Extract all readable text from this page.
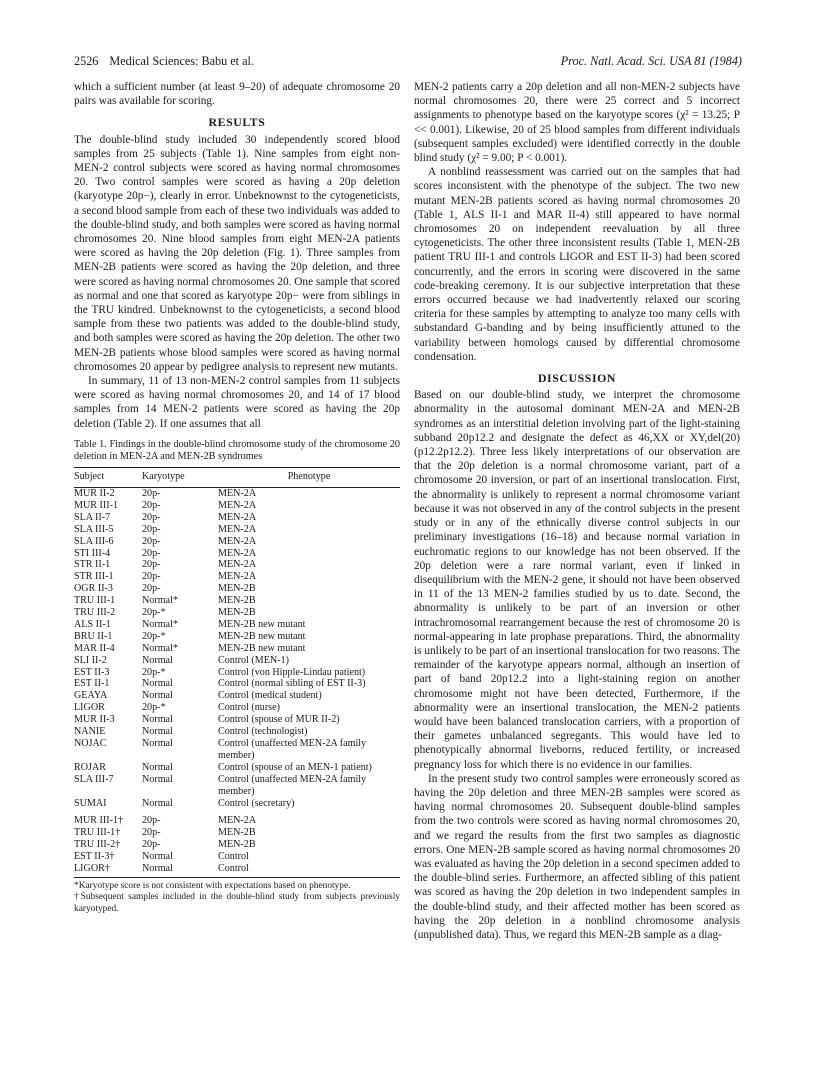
2526 Medical Sciences: Babu et al.	Proc. Natl. Acad. Sci. USA 81 (1984)

which a sufficient number (at least 9–20) of adequate chromosome 20 pairs was available for scoring.

RESULTS

The double-blind study included 30 independently scored blood samples from 25 subjects (Table 1). Nine samples from eight non-MEN-2 control subjects were scored as having normal chromosomes 20. Two control samples were scored as having a 20p deletion (karyotype 20p−), clearly in error. Unbeknownst to the cytogeneticists, a second blood sample from each of these two individuals was added to the double-blind study, and both samples were scored as having normal chromosomes 20. Nine blood samples from eight MEN-2A patients were scored as having the 20p deletion (Fig. 1). Three samples from MEN-2B patients were scored as having the 20p deletion, and three were scored as having normal chromosomes 20. One sample that scored as normal and one that scored as karyotype 20p− were from siblings in the TRU kindred. Unbeknownst to the cytogeneticists, a second blood sample from these two patients was added to the double-blind study, and both samples were scored as having the 20p deletion. The other two MEN-2B patients whose blood samples were scored as having normal chromosomes 20 appear by pedigree analysis to represent new mutants.

In summary, 11 of 13 non-MEN-2 control samples from 11 subjects were scored as having normal chromosomes 20, and 14 of 17 blood samples from 14 MEN-2 patients were scored as having the 20p deletion (Table 2). If one assumes that all

Table 1. Findings in the double-blind chromosome study of the chromosome 20 deletion in MEN-2A and MEN-2B syndromes
Subject	Karyotype	Phenotype
MUR II-2	20p-	MEN-2A
MUR III-1	20p-	MEN-2A
SLA II-7	20p-	MEN-2A
SLA III-5	20p-	MEN-2A
SLA III-6	20p-	MEN-2A
STI III-4	20p-	MEN-2A
STR II-1	20p-	MEN-2A
STR III-1	20p-	MEN-2A
OGR II-3	20p-	MEN-2B
TRU III-1	Normal*	MEN-2B
TRU III-2	20p-*	MEN-2B
ALS II-1	Normal*	MEN-2B new mutant
BRU II-1	20p-*	MEN-2B new mutant
MAR II-4	Normal*	MEN-2B new mutant
SLI II-2	Normal	Control (MEN-1)
EST II-3	20p-*	Control (von Hipple-Lindau patient)
EST II-1	Normal	Control (normal sibling of EST II-3)
GEAYA	Normal	Control (medical student)
LIGOR	20p-*	Control (nurse)
MUR II-3	Normal	Control (spouse of MUR II-2)
NANIE	Normal	Control (technologist)
NOJAC	Normal	Control (unaffected MEN-2A family member)
ROJAR	Normal	Control (spouse of an MEN-1 patient)
SLA III-7	Normal	Control (unaffected MEN-2A family member)
SUMAI	Normal	Control (secretary)
MUR III-1†	20p-	MEN-2A
TRU III-1†	20p-	MEN-2B
TRU III-2†	20p-	MEN-2B
EST II-3†	Normal	Control
LIGOR†	Normal	Control

*Karyotype score is not consistent with expectations based on phenotype.

†Subsequent samples included in the double-blind study from subjects previously karyotyped.

MEN-2 patients carry a 20p deletion and all non-MEN-2 subjects have normal chromosomes 20, there were 25 correct and 5 incorrect assignments to phenotype based on the karyotype scores (χ² = 13.25; P << 0.001). Likewise, 20 of 25 blood samples from different individuals (subsequent samples excluded) were identified correctly in the double blind study (χ² = 9.00; P < 0.001).

A nonblind reassessment was carried out on the samples that had scores inconsistent with the phenotype of the subject. The two new mutant MEN-2B patients scored as having normal chromosomes 20 (Table 1, ALS II-1 and MAR II-4) still appeared to have normal chromosomes 20 on independent reevaluation by all three cytogeneticists. The other three inconsistent results (Table 1, MEN-2B patient TRU III-1 and controls LIGOR and EST II-3) had been scored concurrently, and the errors in scoring were discovered in the same code-breaking ceremony. It is our subjective interpretation that these errors occurred because we had inadvertently relaxed our scoring criteria for these samples by attempting to analyze too many cells with substandard G-banding and by being insufficiently attuned to the variability between homologs caused by differential chromosome condensation.

DISCUSSION

Based on our double-blind study, we interpret the chromosome abnormality in the autosomal dominant MEN-2A and MEN-2B syndromes as an interstitial deletion involving part of the light-staining subband 20p12.2 and designate the defect as 46,XX or XY,del(20)(p12.2p12.2). Three less likely interpretations of our observation are that the 20p deletion is a normal chromosome variant, part of a chromosome 20 inversion, or part of an insertional translocation. First, the abnormality is unlikely to represent a normal chromosome variant because it was not observed in any of the control subjects in the present study or in any of the ethnically diverse control subjects in our preliminary investigations (16–18) and because normal variation in euchromatic regions to our knowledge has not been observed. If the 20p deletion were a rare normal variant, even if linked in disequilibrium with the MEN-2 gene, it should not have been observed in 11 of the 13 MEN-2 families studied by us to date. Second, the abnormality is unlikely to be part of an inversion or other intrachromosomal rearrangement because the rest of chromosome 20 is normal-appearing in late prophase preparations. Third, the abnormality is unlikely to be part of an insertional translocation for two reasons. The remainder of the karyotype appears normal, although an insertion of part of band 20p12.2 into a light-staining region on another chromosome might not have been detected, Furthermore, if the abnormality were an insertional translocation, the MEN-2 patients would have been balanced translocation carriers, with a proportion of their gametes unbalanced segregants. This would have led to phenotypically abnormal liveborns, reduced fertility, or increased pregnancy loss for which there is no evidence in our families.

In the present study two control samples were erroneously scored as having the 20p deletion and three MEN-2B samples were scored as having normal chromosomes 20. Subsequent double-blind samples from the two controls were scored as having normal chromosomes 20, and we regard the results from the first two samples as diagnostic errors. One MEN-2B sample scored as having normal chromosomes 20 was evaluated as having the 20p deletion in a second specimen added to the double-blind series. Furthermore, an affected sibling of this patient was scored as having the 20p deletion in two independent samples in the double-blind study, and their affected mother has been scored as having the 20p deletion in a nonblind chromosome analysis (unpublished data). Thus, we regard this MEN-2B sample as a diag-
